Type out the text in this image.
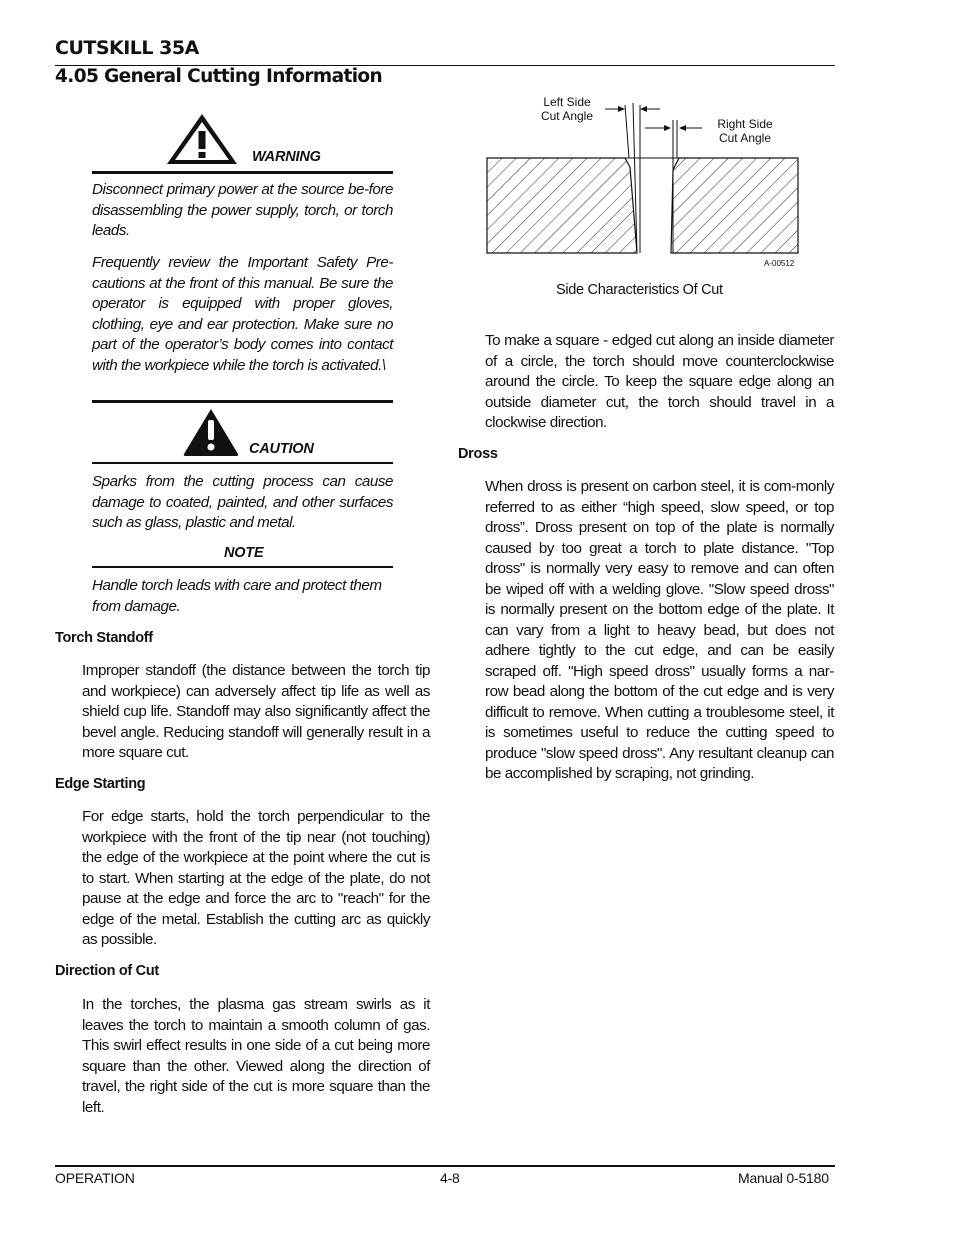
CUTSKILL 35A
4.05 General Cutting Information
WARNING

Disconnect primary power at the source be-fore disassembling the power supply, torch, or torch leads.

Frequently review the Important Safety Pre-cautions at the front of this manual. Be sure the operator is equipped with proper gloves, clothing, eye and ear protection. Make sure no part of the operator’s body comes into contact with the workpiece while the torch is activated.\

CAUTION

Sparks from the cutting process can cause damage to coated, painted, and other surfaces such as glass, plastic and metal.

NOTE

Handle torch leads with care and protect them from damage.

Torch Standoff

Improper standoff (the distance between the torch tip and workpiece) can adversely affect tip life as well as shield cup life. Standoff may also significantly affect the bevel angle. Reducing standoff will generally result in a more square cut.

Edge Starting

For edge starts, hold the torch perpendicular to the workpiece with the front of the tip near (not touching) the edge of the workpiece at the point where the cut is to start. When starting at the edge of the plate, do not pause at the edge and force the arc to "reach" for the edge of the metal. Establish the cutting arc as quickly as possible.

Direction of Cut

In the torches, the plasma gas stream swirls as it leaves the torch to maintain a smooth column of gas. This swirl effect results in one side of a cut being more square than the other. Viewed along the direction of travel, the right side of the cut is more square than the left.

Left Side
Cut Angle
Right Side
Cut Angle
A-00512
Side Characteristics Of Cut

To make a square - edged cut along an inside diameter of a circle, the torch should move counterclockwise around the circle. To keep the square edge along an outside diameter cut, the torch should travel in a clockwise direction.

Dross

When dross is present on carbon steel, it is com-monly referred to as either “high speed, slow speed, or top dross”. Dross present on top of the plate is normally caused by too great a torch to plate distance. "Top dross" is normally very easy to remove and can often be wiped off with a welding glove. "Slow speed dross" is normally present on the bottom edge of the plate. It can vary from a light to heavy bead, but does not adhere tightly to the cut edge, and can be easily scraped off. "High speed dross" usually forms a nar-row bead along the bottom of the cut edge and is very difficult to remove. When cutting a troublesome steel, it is sometimes useful to reduce the cutting speed to produce "slow speed dross". Any resultant cleanup can be accomplished by scraping, not grinding.

OPERATION	4-8	Manual 0-5180
